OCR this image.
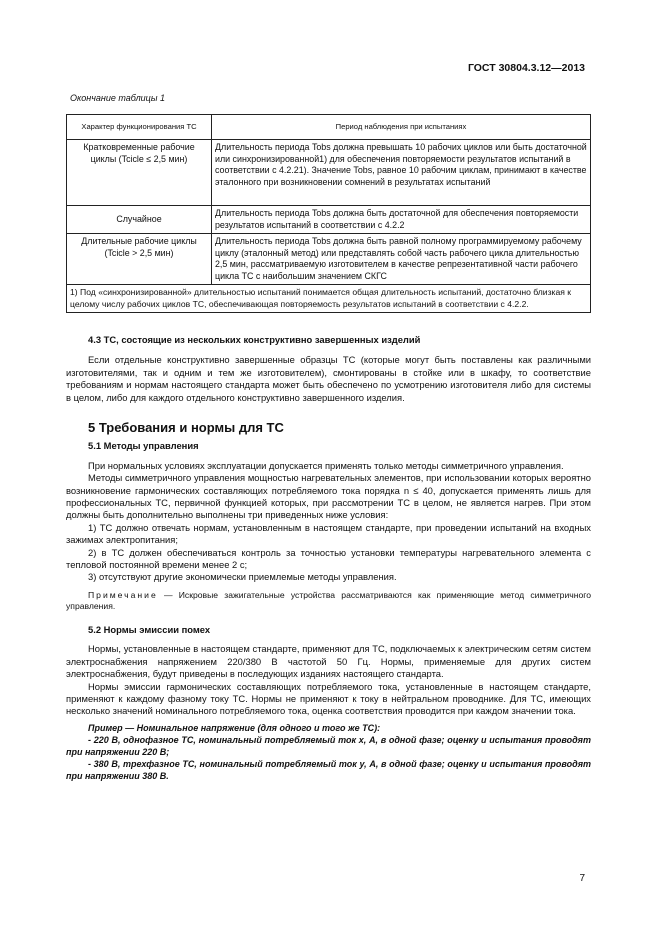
ГОСТ 30804.3.12—2013
Окончание таблицы 1
Характер функционирования ТС	Период наблюдения при испытаниях
Кратковременные рабочие циклы (Tcicle ≤ 2,5 мин)	Длительность периода Tobs должна превышать 10 рабочих циклов или быть достаточной или синхронизированной1) для обеспечения повторяемости результатов испытаний в соответствии с 4.2.21). Значение Tobs, равное 10 рабочим циклам, принимают в качестве эталонного при возникновении сомнений в результатах испытаний
Случайное	Длительность периода Tobs должна быть достаточной для обеспечения повторяемости результатов испытаний в соответствии с 4.2.2
Длительные рабочие циклы (Tcicle > 2,5 мин)	Длительность периода Tobs должна быть равной полному программируемому рабочему циклу (эталонный метод) или представлять собой часть рабочего цикла длительностью 2,5 мин, рассматриваемую изготовителем в качестве репрезентативной части рабочего цикла ТС с наибольшим значением СКГС
1) Под «синхронизированной» длительностью испытаний понимается общая длительность испытаний, достаточно близкая к целому числу рабочих циклов ТС, обеспечивающая повторяемость результатов испытаний в соответствии с 4.2.2.	
4.3 ТС, состоящие из нескольких конструктивно завершенных изделий

Если отдельные конструктивно завершенные образцы ТС (которые могут быть поставлены как различными изготовителями, так и одним и тем же изготовителем), смонтированы в стойке или в шкафу, то соответствие требованиям и нормам настоящего стандарта может быть обеспечено по усмотрению изготовителя либо для системы в целом, либо для каждого отдельного конструктивно завершенного изделия.

5 Требования и нормы для ТС
5.1 Методы управления

При нормальных условиях эксплуатации допускается применять только методы симметричного управления.

Методы симметричного управления мощностью нагревательных элементов, при использовании которых вероятно возникновение гармонических составляющих потребляемого тока порядка n ≤ 40, допускается применять лишь для профессиональных ТС, первичной функцией которых, при рассмотрении ТС в целом, не является нагрев. При этом должны быть дополнительно выполнены три приведенных ниже условия:

1) ТС должно отвечать нормам, установленным в настоящем стандарте, при проведении испытаний на входных зажимах электропитания;

2) в ТС должен обеспечиваться контроль за точностью установки температуры нагревательного элемента с тепловой постоянной времени менее 2 с;

3) отсутствуют другие экономически приемлемые методы управления.

Примечание — Искровые зажигательные устройства рассматриваются как применяющие метод симметричного управления.

5.2 Нормы эмиссии помех

Нормы, установленные в настоящем стандарте, применяют для ТС, подключаемых к электрическим сетям систем электроснабжения напряжением 220/380 В частотой 50 Гц. Нормы, применяемые для других систем электроснабжения, будут приведены в последующих изданиях настоящего стандарта.

Нормы эмиссии гармонических составляющих потребляемого тока, установленные в настоящем стандарте, применяют к каждому фазному току ТС. Нормы не применяют к току в нейтральном проводнике. Для ТС, имеющих несколько значений номинального потребляемого тока, оценка соответствия проводится при каждом значении тока.

Пример — Номинальное напряжение (для одного и того же ТС):

- 220 В, однофазное ТС, номинальный потребляемый ток x, А, в одной фазе; оценку и испытания проводят при напряжении 220 В;

- 380 В, трехфазное ТС, номинальный потребляемый ток y, А, в одной фазе; оценку и испытания проводят при напряжении 380 В.

7
